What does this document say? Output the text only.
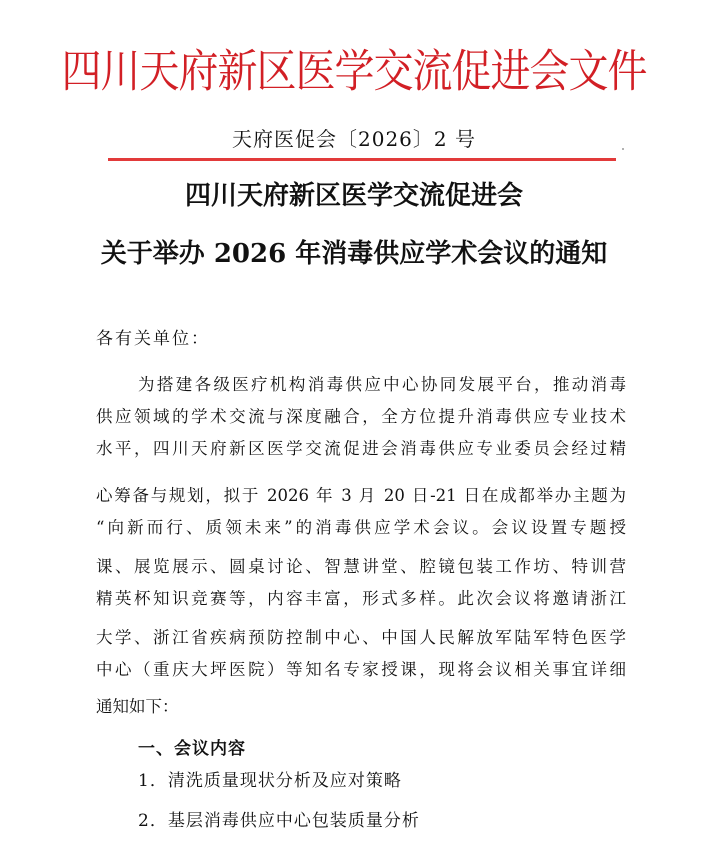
四川天府新区医学交流促进会文件
天府医促会〔2026〕2 号
四川天府新区医学交流促进会
关于举办 2026 年消毒供应学术会议的通知
各有关单位：
为搭建各级医疗机构消毒供应中心协同发展平台，推动消毒
供应领域的学术交流与深度融合，全方位提升消毒供应专业技术
水平，四川天府新区医学交流促进会消毒供应专业委员会经过精
心筹备与规划，拟于 2026 年 3 月 20 日-21 日在成都举办主题为
“向新而行、质领未来”的消毒供应学术会议。会议设置专题授
课、展览展示、圆桌讨论、智慧讲堂、腔镜包装工作坊、特训营
精英杯知识竞赛等，内容丰富，形式多样。此次会议将邀请浙江
大学、浙江省疾病预防控制中心、中国人民解放军陆军特色医学
中心（重庆大坪医院）等知名专家授课，现将会议相关事宜详细
通知如下：
一、会议内容
1．清洗质量现状分析及应对策略
2．基层消毒供应中心包装质量分析
